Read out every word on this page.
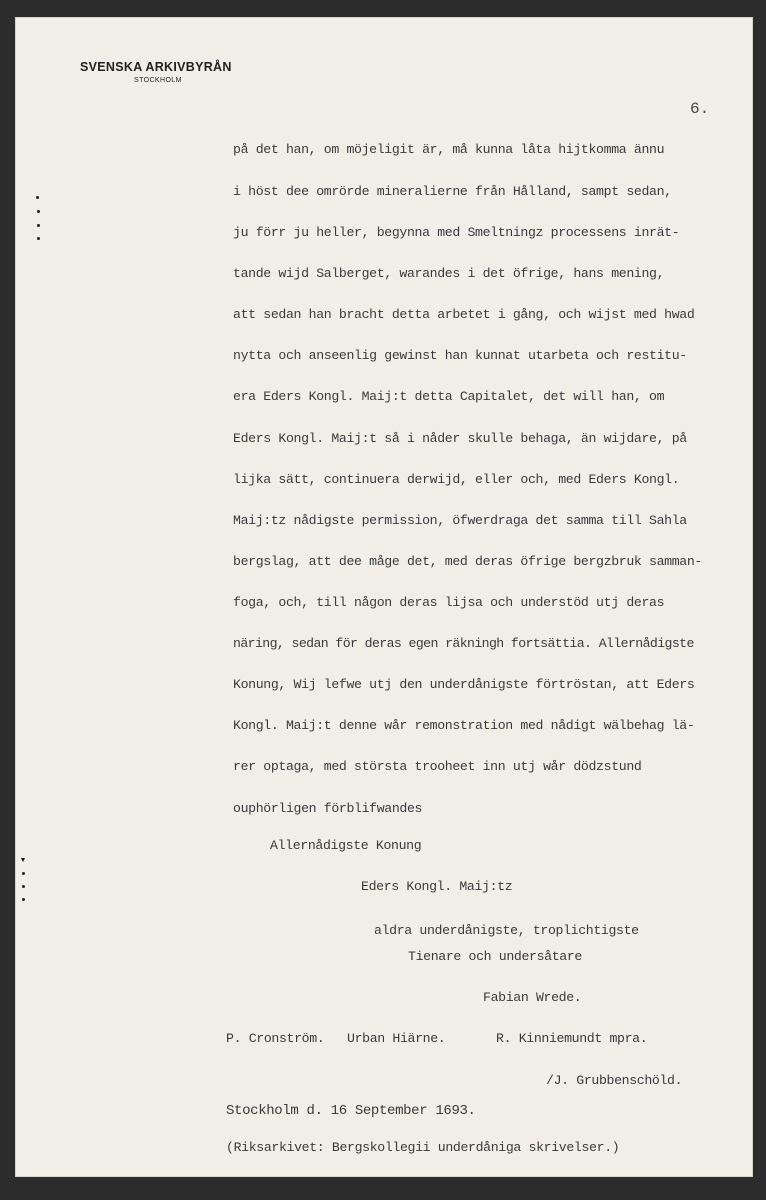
SVENSKA ARKIVBYRÅN
STOCKHOLM
6.
på det han, om möjeligit är, må kunna låta hijtkomma ännu
i höst dee omrörde mineralierne från Hålland, sampt sedan,
ju förr ju heller, begynna med Smeltningz processens inrät-
tande wijd Salberget, warandes i det öfrige, hans mening,
att sedan han bracht detta arbetet i gång, och wijst med hwad
nytta och anseenlig gewinst han kunnat utarbeta och restitu-
era Eders Kongl. Maij:t detta Capitalet, det will han, om
Eders Kongl. Maij:t så i nåder skulle behaga, än wijdare, på
lijka sätt, continuera derwijd, eller och, med Eders Kongl.
Maij:tz nådigste permission, öfwerdraga det samma till Sahla
bergslag, att dee måge det, med deras öfrige bergzbruk samman-
foga, och, till någon deras lijsa och understöd utj deras
näring, sedan för deras egen räkningh fortsättia. Allernådigste
Konung, Wij lefwe utj den underdånigste förtröstan, att Eders
Kongl. Maij:t denne wår remonstration med nådigt wälbehag lä-
rer optaga, med största trooheet inn utj wår dödzstund
ouphörligen förblifwandes
Allernådigste Konung
Eders Kongl. Maij:tz
aldra underdånigste, troplichtigste
Tienare och undersåtare
Fabian Wrede.
P. Cronström. Urban Hiärne.	R. Kinniemundt mpra.
/J. Grubbenschöld.
Stockholm d. 16 September 1693.
(Riksarkivet: Bergskollegii underdåniga skrivelser.)
